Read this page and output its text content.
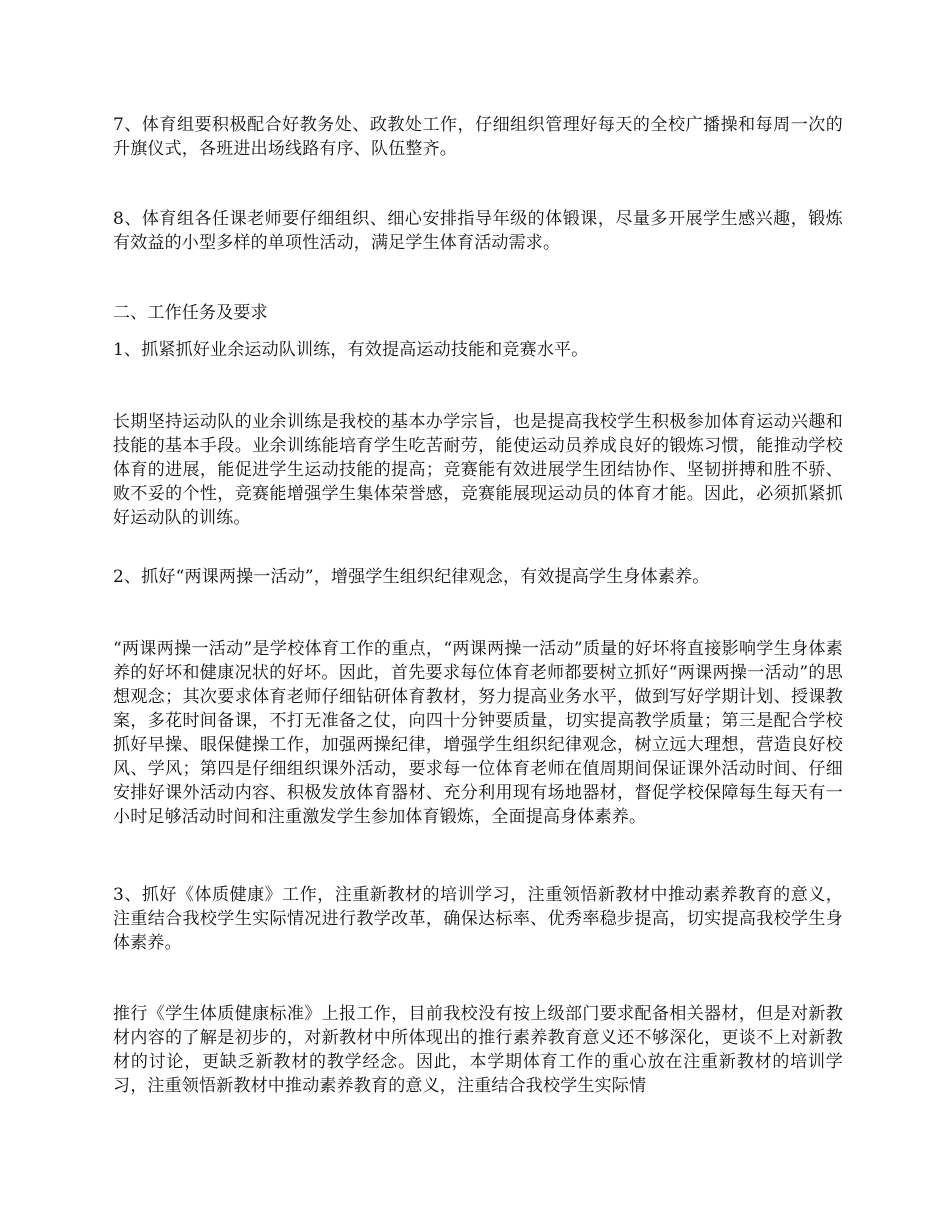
7、体育组要积极配合好教务处、政教处工作，仔细组织管理好每天的全校广播操和每周一次的升旗仪式，各班进出场线路有序、队伍整齐。

8、体育组各任课老师要仔细组织、细心安排指导年级的体锻课，尽量多开展学生感兴趣，锻炼有效益的小型多样的单项性活动，满足学生体育活动需求。

二、工作任务及要求

1、抓紧抓好业余运动队训练，有效提高运动技能和竞赛水平。

长期坚持运动队的业余训练是我校的基本办学宗旨，也是提高我校学生积极参加体育运动兴趣和技能的基本手段。业余训练能培育学生吃苦耐劳，能使运动员养成良好的锻炼习惯，能推动学校体育的进展，能促进学生运动技能的提高；竞赛能有效进展学生团结协作、坚韧拼搏和胜不骄、败不妥的个性，竞赛能增强学生集体荣誉感，竞赛能展现运动员的体育才能。因此，必须抓紧抓好运动队的训练。

2、抓好“两课两操一活动”，增强学生组织纪律观念，有效提高学生身体素养。

“两课两操一活动”是学校体育工作的重点，“两课两操一活动”质量的好坏将直接影响学生身体素养的好坏和健康况状的好坏。因此，首先要求每位体育老师都要树立抓好“两课两操一活动”的思想观念；其次要求体育老师仔细钻研体育教材，努力提高业务水平，做到写好学期计划、授课教案，多花时间备课，不打无准备之仗，向四十分钟要质量，切实提高教学质量；第三是配合学校抓好早操、眼保健操工作，加强两操纪律，增强学生组织纪律观念，树立远大理想，营造良好校风、学风；第四是仔细组织课外活动，要求每一位体育老师在值周期间保证课外活动时间、仔细安排好课外活动内容、积极发放体育器材、充分利用现有场地器材，督促学校保障每生每天有一小时足够活动时间和注重激发学生参加体育锻炼，全面提高身体素养。

3、抓好《体质健康》工作，注重新教材的培训学习，注重领悟新教材中推动素养教育的意义，注重结合我校学生实际情况进行教学改革，确保达标率、优秀率稳步提高，切实提高我校学生身体素养。

推行《学生体质健康标准》上报工作，目前我校没有按上级部门要求配备相关器材，但是对新教材内容的了解是初步的，对新教材中所体现出的推行素养教育意义还不够深化，更谈不上对新教材的讨论，更缺乏新教材的教学经念。因此，本学期体育工作的重心放在注重新教材的培训学习，注重领悟新教材中推动素养教育的意义，注重结合我校学生实际情
